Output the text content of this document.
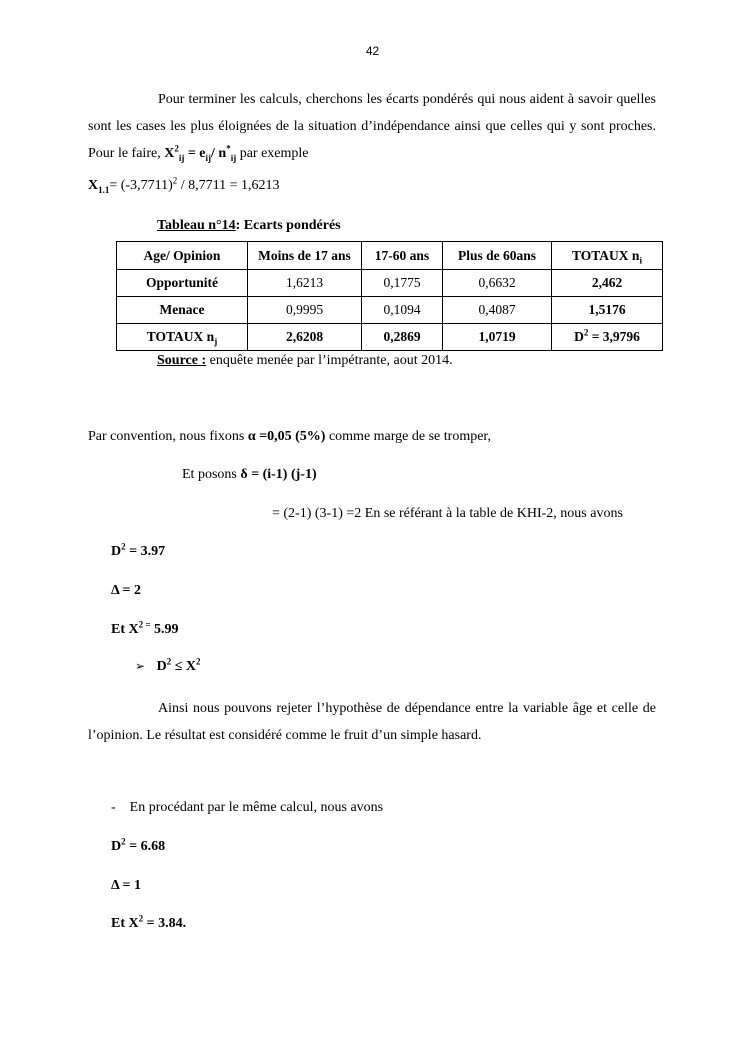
42
Pour terminer les calculs, cherchons les écarts pondérés qui nous aident à savoir quelles sont les cases les plus éloignées de la situation d’indépendance ainsi que celles qui y sont proches. Pour le faire, $X^2_{ij} = e_{ij}/$ $n^*_{ij}$ par exemple
$X_{1.1}= (-3,7711)^2 / 8,7711 = 1,6213$
Tableau n°14: Ecarts pondérés
Age/ Opinion	Moins de 17 ans	17-60 ans	Plus de 60ans	TOTAUX $n_i$
Opportunité	1,6213	0,1775	0,6632	2,462
Menace	0,9995	0,1094	0,4087	1,5176
TOTAUX $n_j$	2,6208	0,2869	1,0719	$D^2 = 3,9796$
Source : enquête menée par l’impétrante, aout 2014.
Par convention, nous fixons α =0,05 (5%) comme marge de se tromper,
Et posons δ = (i-1) (j-1)
= (2-1) (3-1) =2 En se référant à la table de KHI-2, nous avons
$D^2 = 3.97$
Δ = 2
Et $X^{2 =}$ 5.99
➢ $D^2 \le X^2$
Ainsi nous pouvons rejeter l’hypothèse de dépendance entre la variable âge et celle de l’opinion. Le résultat est considéré comme le fruit d’un simple hasard.
- En procédant par le même calcul, nous avons
$D^2 = 6.68$
Δ = 1
Et $X^2 = 3.84$.
